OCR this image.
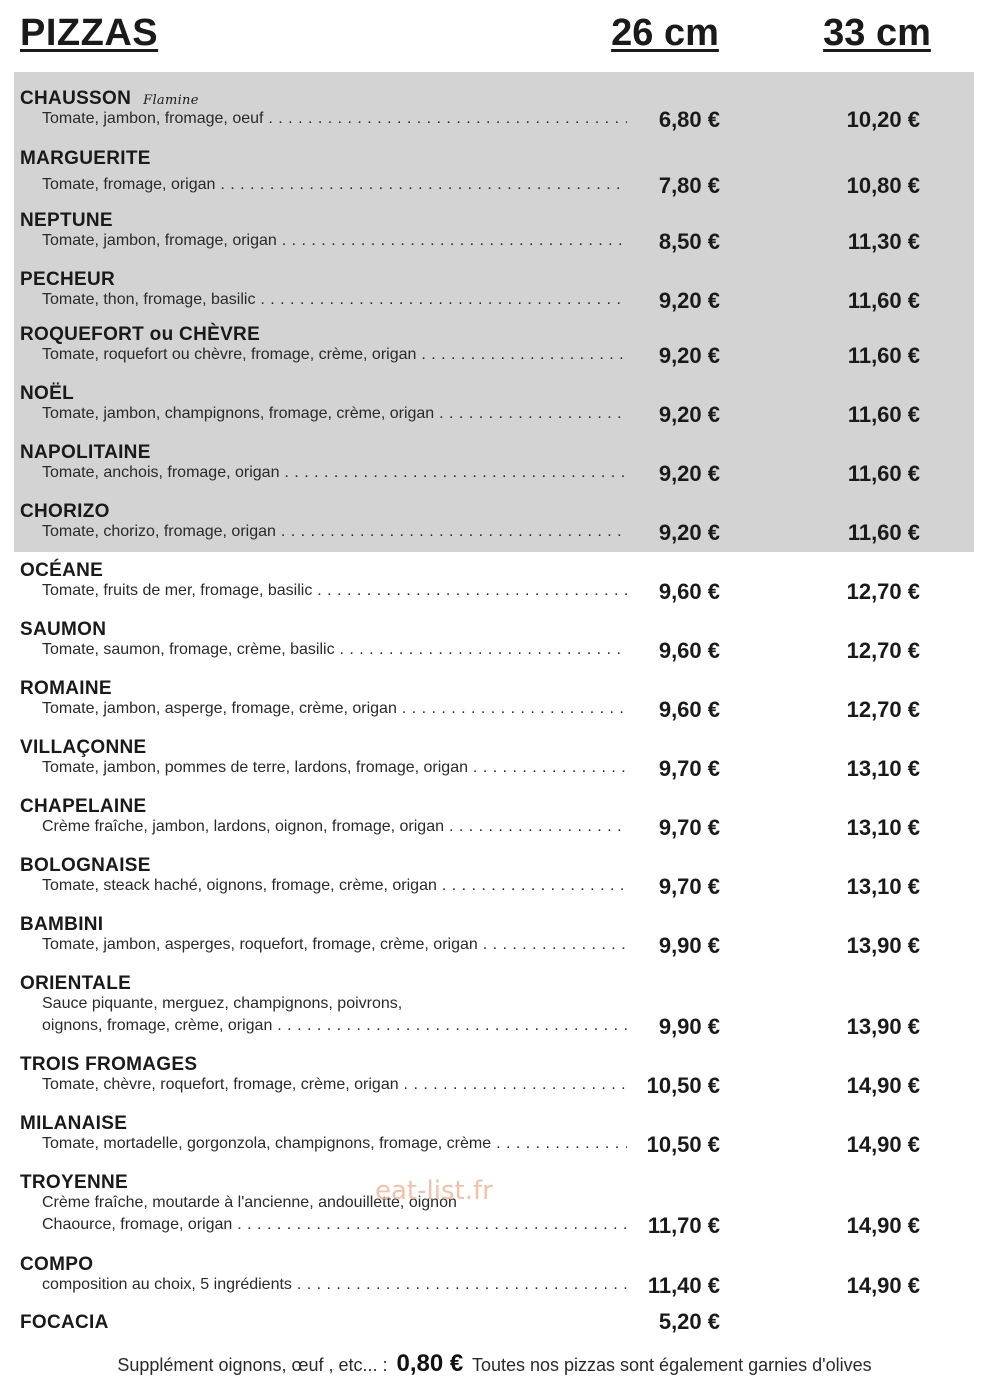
PIZZAS	26 cm	33 cm
CHAUSSON Flamine
Tomate, jambon, fromage, oeuf . . .	6,80 €	10,20 €
MARGUERITE
Tomate, fromage, origan . . .	7,80 €	10,80 €
NEPTUNE
Tomate, jambon, fromage, origan . . .	8,50 €	11,30 €
PECHEUR
Tomate, thon, fromage, basilic . . .	9,20 €	11,60 €
ROQUEFORT ou CHÈVRE
Tomate, roquefort ou chèvre, fromage, crème, origan . . .	9,20 €	11,60 €
NOËL
Tomate, jambon, champignons, fromage, crème, origan . . .	9,20 €	11,60 €
NAPOLITAINE
Tomate, anchois, fromage, origan . . .	9,20 €	11,60 €
CHORIZO
Tomate, chorizo, fromage, origan . . .	9,20 €	11,60 €
OCÉANE
Tomate, fruits de mer, fromage, basilic . . .	9,60 €	12,70 €
SAUMON
Tomate, saumon, fromage, crème, basilic . . .	9,60 €	12,70 €
ROMAINE
Tomate, jambon, asperge, fromage, crème, origan . . .	9,60 €	12,70 €
VILLAÇONNE
Tomate, jambon, pommes de terre, lardons, fromage, origan . . .	9,70 €	13,10 €
CHAPELAINE
Crème fraîche, jambon, lardons, oignon, fromage, origan . . .	9,70 €	13,10 €
BOLOGNAISE
Tomate, steack haché, oignons, fromage, crème, origan . . .	9,70 €	13,10 €
BAMBINI
Tomate, jambon, asperges, roquefort, fromage, crème, origan . . .	9,90 €	13,90 €
ORIENTALE
Sauce piquante, merguez, champignons, poivrons,
oignons, fromage, crème, origan . . .	9,90 €	13,90 €
TROIS FROMAGES
Tomate, chèvre, roquefort, fromage, crème, origan . . .	10,50 €	14,90 €
MILANAISE
Tomate, mortadelle, gorgonzola, champignons, fromage, crème . . .	10,50 €	14,90 €
TROYENNE
Crème fraîche, moutarde à l'ancienne, andouillette, oignon
Chaource, fromage, origan . . .	11,70 €	14,90 €
COMPO
composition au choix, 5 ingrédients . . .	11,40 €	14,90 €
FOCACIA	5,20 €
eat-list.fr
Supplément oignons, œuf , etc... : 0,80 € Toutes nos pizzas sont également garnies d'olives
